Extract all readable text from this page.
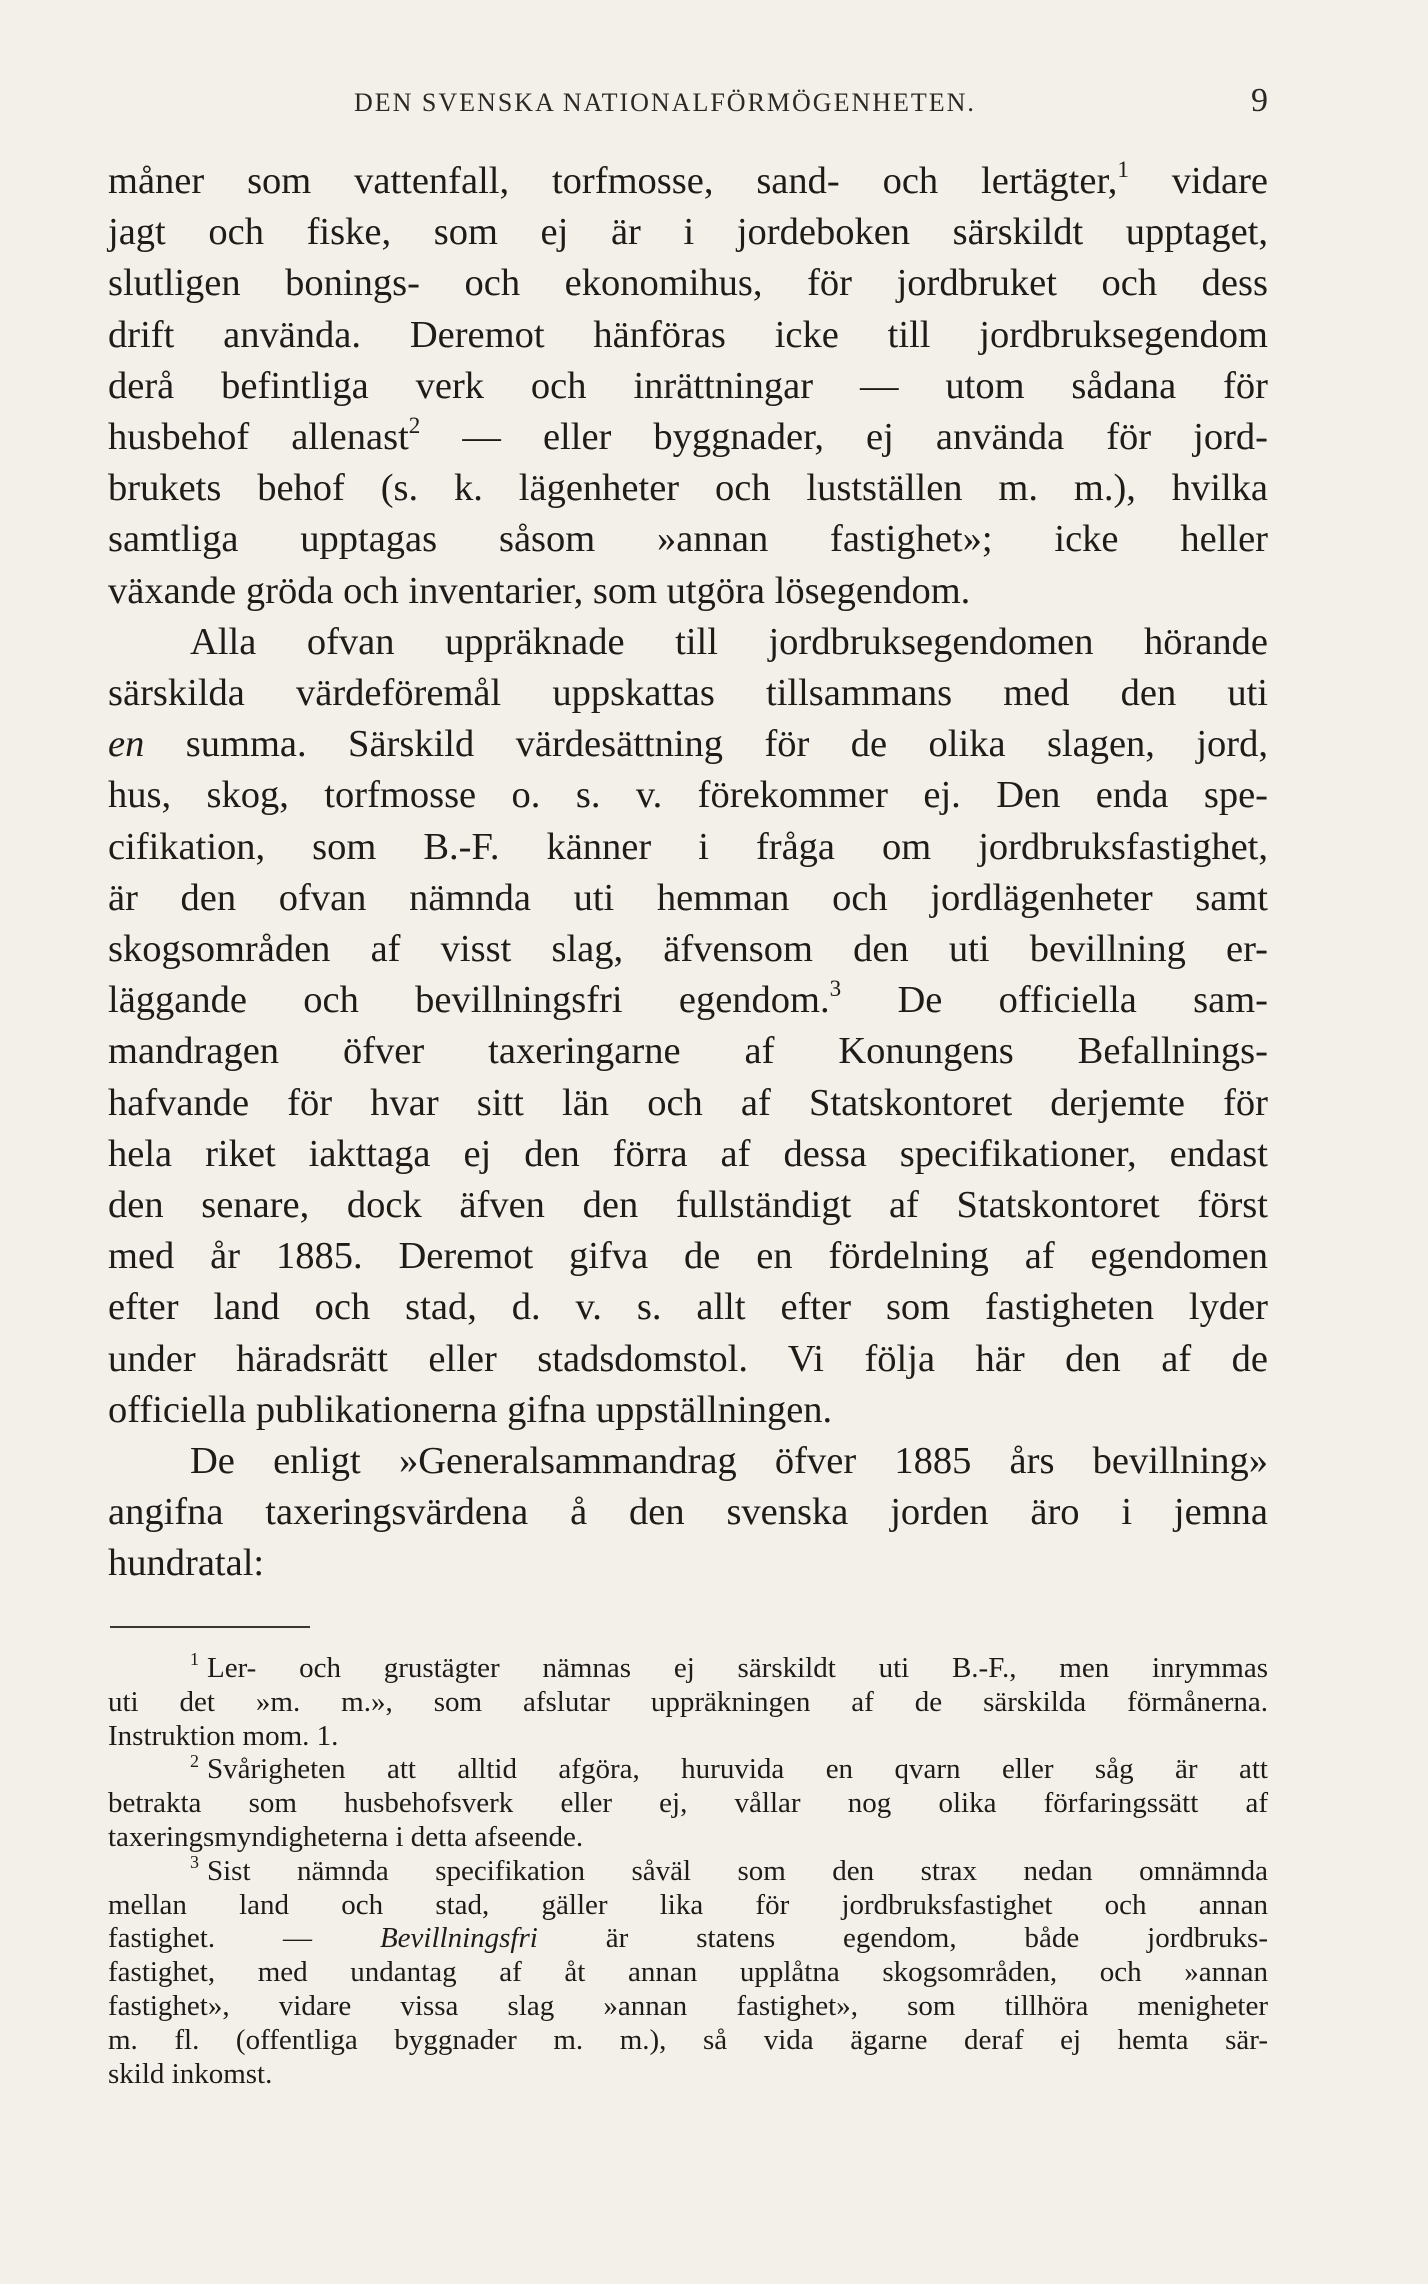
DEN SVENSKA NATIONALFÖRMÖGENHETEN.	9

måner som vattenfall, torfmosse, sand- och lertägter,$^1$ vidare
jagt och fiske, som ej är i jordeboken särskildt upptaget,
slutligen bonings- och ekonomihus, för jordbruket och dess
drift använda. Deremot hänföras icke till jordbruksegendom
derå befintliga verk och inrättningar — utom sådana för
husbehof allenast$^2$ — eller byggnader, ej använda för jord-
brukets behof (s. k. lägenheter och lustställen m. m.), hvilka
samtliga upptagas såsom »annan fastighet»; icke heller
växande gröda och inventarier, som utgöra lösegendom.

Alla ofvan uppräknade till jordbruksegendomen hörande
särskilda värdeföremål uppskattas tillsammans med den uti
en summa. Särskild värdesättning för de olika slagen, jord,
hus, skog, torfmosse o. s. v. förekommer ej. Den enda spe-
cifikation, som B.-F. känner i fråga om jordbruksfastighet,
är den ofvan nämnda uti hemman och jordlägenheter samt
skogsområden af visst slag, äfvensom den uti bevillning er-
läggande och bevillningsfri egendom.$^3$ De officiella sam-
mandragen öfver taxeringarne af Konungens Befallnings-
hafvande för hvar sitt län och af Statskontoret derjemte för
hela riket iakttaga ej den förra af dessa specifikationer, endast
den senare, dock äfven den fullständigt af Statskontoret först
med år 1885. Deremot gifva de en fördelning af egendomen
efter land och stad, d. v. s. allt efter som fastigheten lyder
under häradsrätt eller stadsdomstol. Vi följa här den af de
officiella publikationerna gifna uppställningen.

De enligt »Generalsammandrag öfver 1885 års bevillning»
angifna taxeringsvärdena å den svenska jorden äro i jemna
hundratal:

$^1$ Ler- och grustägter nämnas ej särskildt uti B.-F., men inrymmas
uti det »m. m.», som afslutar uppräkningen af de särskilda förmånerna.
Instruktion mom. 1.

$^2$ Svårigheten att alltid afgöra, huruvida en qvarn eller såg är att
betrakta som husbehofsverk eller ej, vållar nog olika förfaringssätt af
taxeringsmyndigheterna i detta afseende.

$^3$ Sist nämnda specifikation såväl som den strax nedan omnämnda
mellan land och stad, gäller lika för jordbruksfastighet och annan
fastighet. — Bevillningsfri är statens egendom, både jordbruks-
fastighet, med undantag af åt annan upplåtna skogsområden, och »annan
fastighet», vidare vissa slag »annan fastighet», som tillhöra menigheter
m. fl. (offentliga byggnader m. m.), så vida ägarne deraf ej hemta sär-
skild inkomst.
